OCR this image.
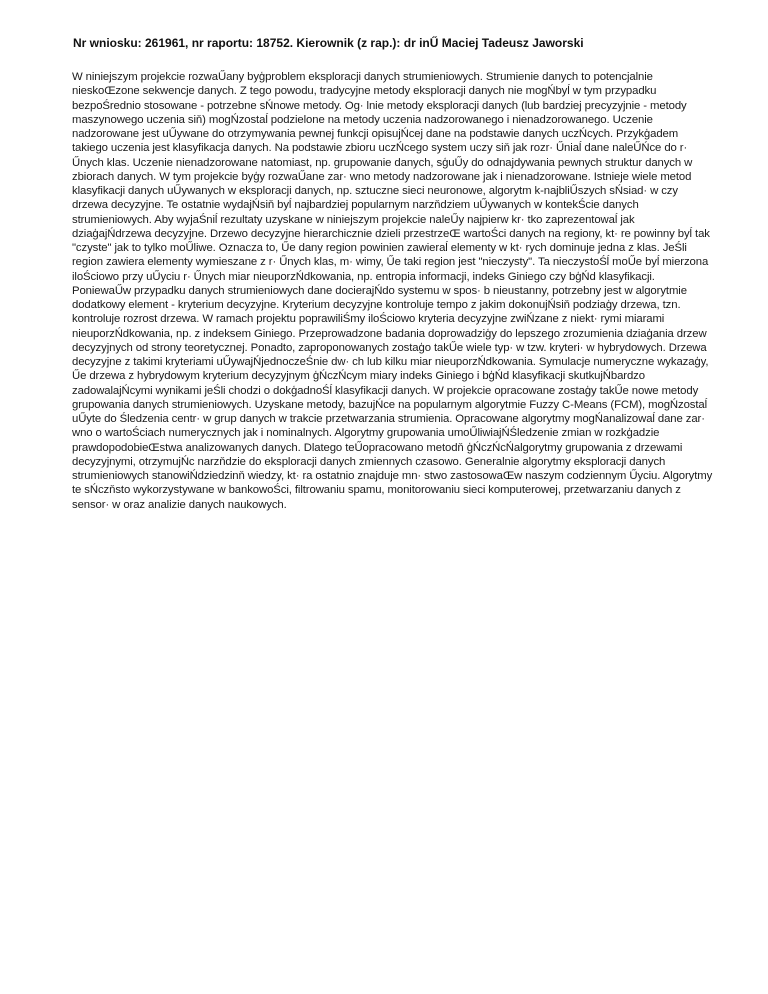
Nr wniosku: 261961, nr raportu: 18752. Kierownik (z rap.): dr inŰ Maciej Tadeusz Jaworski

W niniejszym projekcie rozwaŰany byģproblem eksploracji danych strumieniowych. Strumienie danych to potencjalnie nieskoŒzone sekwencje danych. Z tego powodu, tradycyjne metody eksploracji danych nie mogŃbyĺ w tym przypadku bezpoŚrednio stosowane - potrzebne sŃnowe metody. Og· lnie metody eksploracji danych (lub bardziej precyzyjnie - metody maszynowego uczenia siň) mogŃzostaĺ podzielone na metody uczenia nadzorowanego i nienadzorowanego. Uczenie nadzorowane jest uŰywane do otrzymywania pewnej funkcji opisujŃcej dane na podstawie danych uczŃcych. Przykģadem takiego uczenia jest klasyfikacja danych. Na podstawie zbioru uczŃcego system uczy siň jak rozr· Űniaĺ dane naleŰŃce do r· Űnych klas. Uczenie nienadzorowane natomiast, np. grupowanie danych, sģuŰy do odnajdywania pewnych struktur danych w zbiorach danych. W tym projekcie byģy rozwaŰane zar· wno metody nadzorowane jak i nienadzorowane. Istnieje wiele metod klasyfikacji danych uŰywanych w eksploracji danych, np. sztuczne sieci neuronowe, algorytm k-najbliŰszych sŃsiad· w czy drzewa decyzyjne. Te ostatnie wydajŃsiň byĺ najbardziej popularnym narzňdziem uŰywanych w kontekŚcie danych strumieniowych. Aby wyjaŚniĺ rezultaty uzyskane w niniejszym projekcie naleŰy najpierw kr· tko zaprezentowaĺ jak dziaģajŃdrzewa decyzyjne. Drzewo decyzyjne hierarchicznie dzieli przestrzeŒ wartoŚci danych na regiony, kt· re powinny byĺ tak "czyste" jak to tylko moŰliwe. Oznacza to, Űe dany region powinien zawieraĺ elementy w kt· rych dominuje jedna z klas. JeŚli region zawiera elementy wymieszane z r· Űnych klas, m· wimy, Űe taki region jest "nieczysty". Ta nieczystoŚĺ moŰe byĺ mierzona iloŚciowo przy uŰyciu r· Űnych miar nieuporzŃdkowania, np. entropia informacji, indeks Giniego czy bģŃd klasyfikacji. PoniewaŰw przypadku danych strumieniowych dane docierajŃdo systemu w spos· b nieustanny, potrzebny jest w algorytmie dodatkowy element - kryterium decyzyjne. Kryterium decyzyjne kontroluje tempo z jakim dokonujŃsiň podziaģy drzewa, tzn. kontroluje rozrost drzewa. W ramach projektu poprawiliŚmy iloŚciowo kryteria decyzyjne zwiŃzane z niekt· rymi miarami nieuporzŃdkowania, np. z indeksem Giniego. Przeprowadzone badania doprowadziģy do lepszego zrozumienia dziaģania drzew decyzyjnych od strony teoretycznej. Ponadto, zaproponowanych zostaģo takŰe wiele typ· w tzw. kryteri· w hybrydowych. Drzewa decyzyjne z takimi kryteriami uŰywajŃjednoczeŚnie dw· ch lub kilku miar nieuporzŃdkowania. Symulacje numeryczne wykazaģy, Űe drzewa z hybrydowym kryterium decyzyjnym ģŃczŃcym miary indeks Giniego i bģŃd klasyfikacji skutkujŃbardzo zadowalajŃcymi wynikami jeŚli chodzi o dokģadnoŚĺ klasyfikacji danych. W projekcie opracowane zostaģy takŰe nowe metody grupowania danych strumieniowych. Uzyskane metody, bazujŃce na popularnym algorytmie Fuzzy C-Means (FCM), mogŃzostaĺ uŰyte do Śledzenia centr· w grup danych w trakcie przetwarzania strumienia. Opracowane algorytmy mogŃanalizowaĺ dane zar· wno o wartoŚciach numerycznych jak i nominalnych. Algorytmy grupowania umoŰliwiajŃŚledzenie zmian w rozkģadzie prawdopodobieŒstwa analizowanych danych. Dlatego teŰopracowano metodň ģŃczŃcŃalgorytmy grupowania z drzewami decyzyjnymi, otrzymujŃc narzňdzie do eksploracji danych zmiennych czasowo. Generalnie algorytmy eksploracji danych strumieniowych stanowiŃdziedzinň wiedzy, kt· ra ostatnio znajduje mn· stwo zastosowaŒw naszym codziennym Űyciu. Algorytmy te sŃczňsto wykorzystywane w bankowoŚci, filtrowaniu spamu, monitorowaniu sieci komputerowej, przetwarzaniu danych z sensor· w oraz analizie danych naukowych.
